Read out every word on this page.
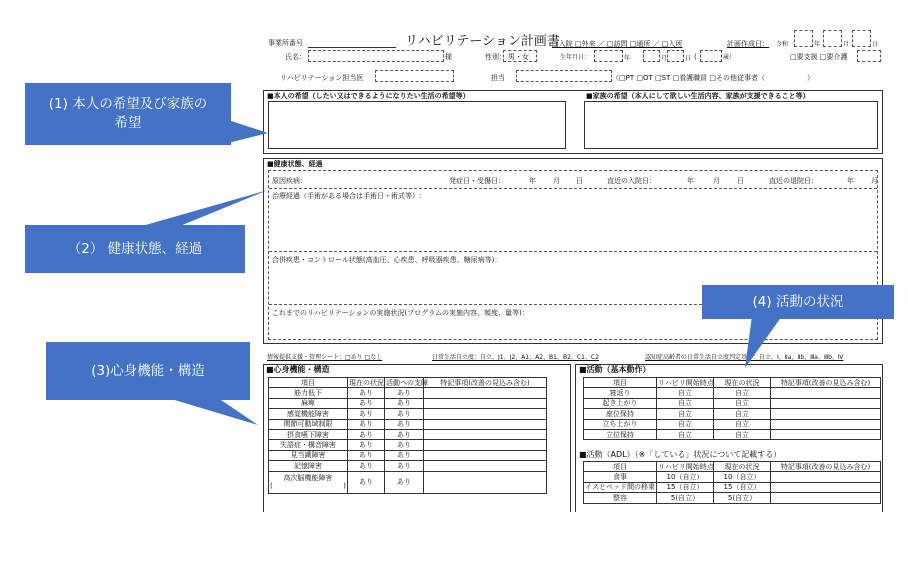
事業所番号	リハビリテーション計画書
□入院 □外来 ／ □訪問 □通所 ／ □入所	計画作成日： 令和	年	月	日
氏名：	様	性別： 男・女	生年月日：	年	月	日 (	歳）	□要支援 □要介護
リハビリテーション担当医	担当	（□PT □OT □ST □看護職員 □その他従事者（　　　　　　）
■本人の希望（したい又はできるようになりたい生活の希望等）	■家族の希望（本人にして欲しい生活内容、家族が支援できること等）
■健康状態、経過
原因疾病：	発症日・受傷日：	年 月 日	直近の入院日：	年	月 日	直近の退院日：	年 月
治療経過（手術がある場合は手術日・術式等）:
合併疾患・コントロール状態(高血圧、心疾患、呼吸器疾患、糖尿病等)：
これまでのリハビリテーションの実施状況(プログラムの実施内容、頻度、量等)：
情報提供支援・管理シート：□あり □なし	日常生活自立度：自立、J1、J2、A1、A2、B1、B2、C1、C2	認知症高齢者の日常生活自立度判定基準：自立、Ⅰ、Ⅱa、Ⅱb、Ⅲa、Ⅲb、Ⅳ
■心身機能・構造
項目	現在の状況	活動への支障	特記事項(改善の見込み含む)
筋力低下	あり	あり	
麻痺	あり	あり	
感覚機能障害	あり	あり	
関節可動域制限	あり	あり	
摂食嚥下障害	あり	あり	
失語症・構音障害	あり	あり	
見当識障害	あり	あり	
記憶障害	あり	あり	
高次脳機能障害

( )	あり	あり	
■活動（基本動作）
項目	リハビリ開始時点	現在の状況	特記事項(改善の見込み含む)
寝返り	自立	自立	
起き上がり	自立	自立	
座位保持	自立	自立	
立ち上がり	自立	自立	
立位保持	自立	自立	
■活動（ADL）（※「している」状況について記載する）
項目	リハビリ開始時点	現在の状況	特記事項(改善の見込み含む)
食事	10（自立）	10（自立）	
イスとベッド間の移乗	15（自立）	15（自立）	
整容	5(自立）	5(自立）	
(1) 本人の希望及び家族の希望
（2） 健康状態、経過
(3)心身機能・構造
(4) 活動の状況
